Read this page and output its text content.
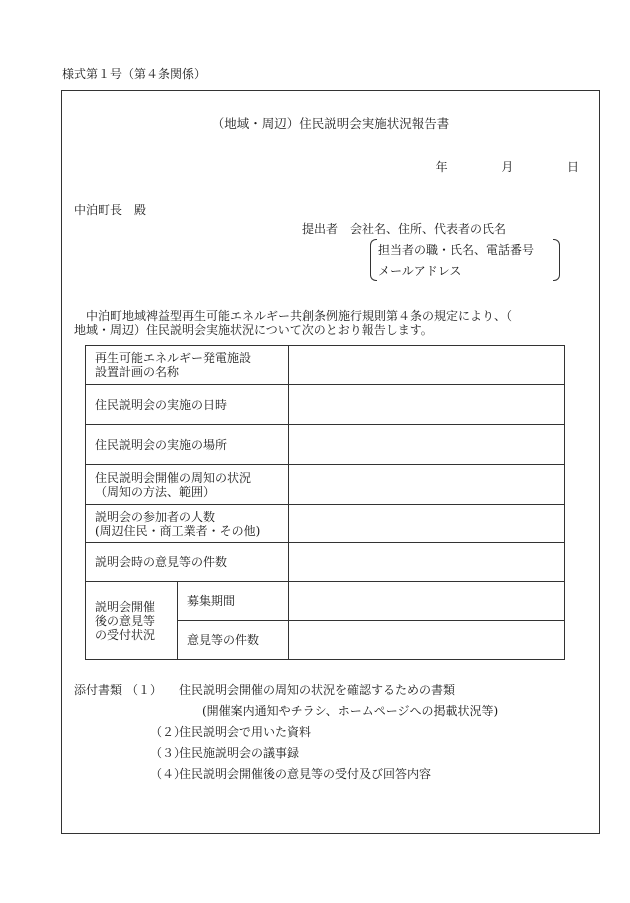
様式第１号（第４条関係）
（地域・周辺）住民説明会実施状況報告書
年	月	日
中泊町長　殿
提出者　会社名、住所、代表者の氏名
担当者の職・氏名、電話番号
メールアドレス
中泊町地域裨益型再生可能エネルギー共創条例施行規則第４条の規定により、（
地域・周辺）住民説明会実施状況について次のとおり報告します。
再生可能エネルギー発電施設
設置計画の名称		

住民説明会の実施の日時		
住民説明会の実施の場所		

住民説明会開催の周知の状況
（周知の方法、範囲）		

説明会の参加者の人数
(周辺住民・商工業者・その他)		

説明会時の意見等の件数		

説明会開催
後の意見等
の受付状況	募集期間	
	意見等の件数	
添付書類 （１） 住民説明会開催の周知の状況を確認するための書類
(開催案内通知やチラシ、ホームページへの掲載状況等)
（２）
住民説明会で用いた資料
（３）
住民施説明会の議事録
（４）
住民説明会開催後の意見等の受付及び回答内容
